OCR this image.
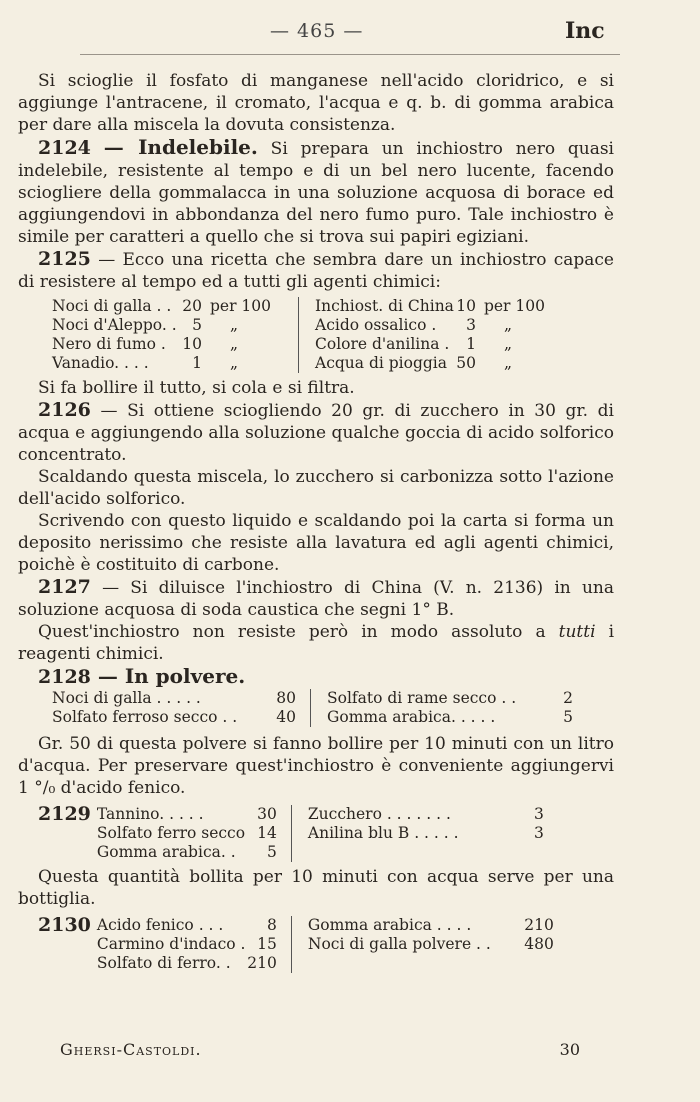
— 465 —	Inc

Si scioglie il fosfato di manganese nell'acido cloridrico, e si aggiunge l'antracene, il cromato, l'acqua e q. b. di gomma arabica per dare alla miscela la dovuta consistenza.

2124 — Indelebile. Si prepara un inchiostro nero quasi indelebile, resistente al tempo e di un bel nero lucente, facendo sciogliere della gommalacca in una soluzione acquosa di borace ed aggiungendovi in abbondanza del nero fumo puro. Tale inchiostro è simile per caratteri a quello che si trova sui papiri egiziani.

2125 — Ecco una ricetta che sembra dare un inchiostro capace di resistere al tempo ed a tutti gli agenti chimici:

Noci di galla . .	20	per 100	Inchiost. di China	10	per 100
Noci d'Aleppo. .	5	„	Acido ossalico .	3	„
Nero di fumo .	10	„	Colore d'anilina .	1	„
Vanadio. . . .	1	„	Acqua di pioggia	50	„

Si fa bollire il tutto, si cola e si filtra.

2126 — Si ottiene sciogliendo 20 gr. di zucchero in 30 gr. di acqua e aggiungendo alla soluzione qualche goccia di acido solforico concentrato.

Scaldando questa miscela, lo zucchero si carbonizza sotto l'azione dell'acido solforico.

Scrivendo con questo liquido e scaldando poi la carta si forma un deposito nerissimo che resiste alla lavatura ed agli agenti chimici, poichè è costituito di carbone.

2127 — Si diluisce l'inchiostro di China (V. n. 2136) in una soluzione acquosa di soda caustica che segni 1° B.

Quest'inchiostro non resiste però in modo assoluto a tutti i reagenti chimici.

2128 — In polvere.

Noci di galla . . . . .	80	Solfato di rame secco . .	2
Solfato ferroso secco . .	40	Gomma arabica. . . . .	5

Gr. 50 di questa polvere si fanno bollire per 10 minuti con un litro d'acqua. Per preservare quest'inchiostro è conveniente aggiungervi 1 °/₀ d'acido fenico.

2129	Tannino. . . . .	30	Zucchero . . . . . . .	3
	Solfato ferro secco	14	Anilina blu B . . . . .	3
	Gomma arabica. .	5		

Questa quantità bollita per 10 minuti con acqua serve per una bottiglia.

2130	Acido fenico . . .	8	Gomma arabica . . . .	210
	Carmino d'indaco .	15	Noci di galla polvere . .	480
	Solfato di ferro. .	210		
Ghersi-Castoldi.	30
